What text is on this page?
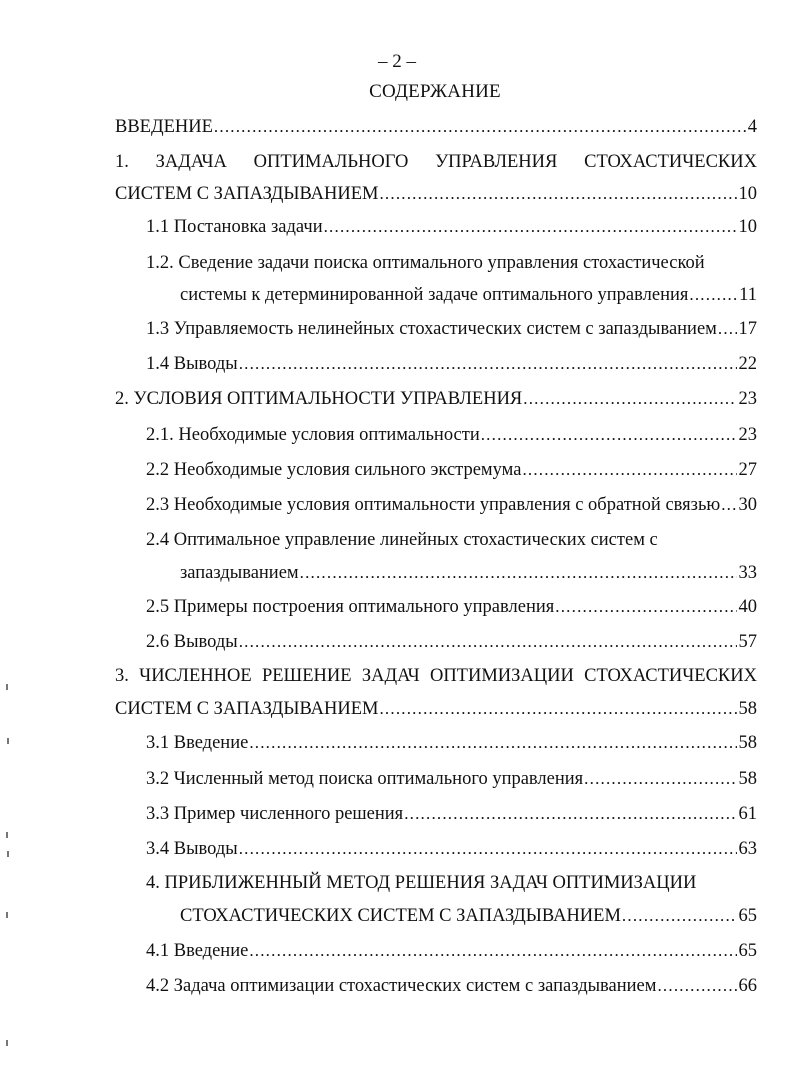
– 2 –
СОДЕРЖАНИЕ
ВВЕДЕНИЕ .....	4
1. ЗАДАЧА ОПТИМАЛЬНОГО УПРАВЛЕНИЯ СТОХАСТИЧЕСКИХ
СИСТЕМ С ЗАПАЗДЫВАНИЕМ .....	10
1.1 Постановка задачи .....	10
1.2. Сведение задачи поиска оптимального управления стохастической
системы к детерминированной задаче оптимального управления .....	11
1.3 Управляемость нелинейных стохастических систем с запаздыванием ..... 17
1.4 Выводы .....	22
2. УСЛОВИЯ ОПТИМАЛЬНОСТИ УПРАВЛЕНИЯ .....	23
2.1. Необходимые условия оптимальности .....	23
2.2 Необходимые условия сильного экстремума .....	27
2.3 Необходимые условия оптимальности управления с обратной связью ..... 30
2.4 Оптимальное управление линейных стохастических систем с
запаздыванием .....	33
2.5 Примеры построения оптимального управления .....	40
2.6 Выводы .....	57
3. ЧИСЛЕННОЕ РЕШЕНИЕ ЗАДАЧ ОПТИМИЗАЦИИ СТОХАСТИЧЕСКИХ
СИСТЕМ С ЗАПАЗДЫВАНИЕМ .....	58
3.1 Введение .....	58
3.2 Численный метод поиска оптимального управления .....	58
3.3 Пример численного решения .....	61
3.4 Выводы .....	63
4. ПРИБЛИЖЕННЫЙ МЕТОД РЕШЕНИЯ ЗАДАЧ ОПТИМИЗАЦИИ
СТОХАСТИЧЕСКИХ СИСТЕМ С ЗАПАЗДЫВАНИЕМ .....	65
4.1 Введение .....	65
4.2 Задача оптимизации стохастических систем с запаздыванием .....	66
